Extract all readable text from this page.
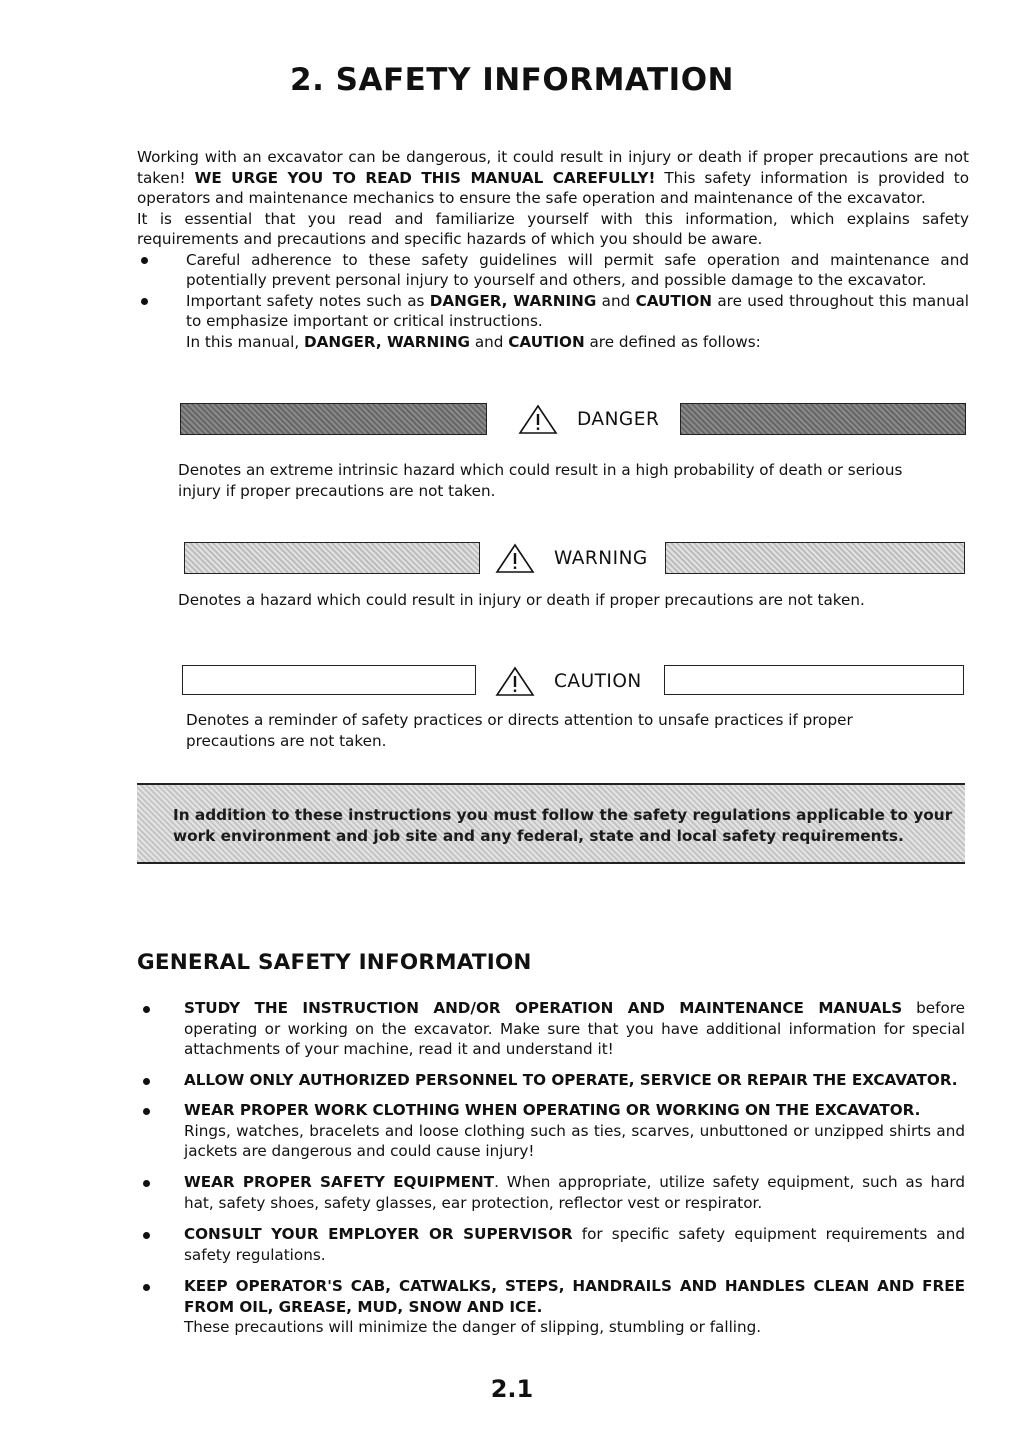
2. SAFETY INFORMATION
Working with an excavator can be dangerous, it could result in injury or death if proper precautions are not taken! WE URGE YOU TO READ THIS MANUAL CAREFULLY! This safety information is provided to operators and maintenance mechanics to ensure the safe operation and maintenance of the excavator.
It is essential that you read and familiarize yourself with this information, which explains safety requirements and precautions and specific hazards of which you should be aware.
Careful adherence to these safety guidelines will permit safe operation and maintenance and potentially prevent personal injury to yourself and others, and possible damage to the excavator.
Important safety notes such as DANGER, WARNING and CAUTION are used throughout this manual to emphasize important or critical instructions.
In this manual, DANGER, WARNING and CAUTION are defined as follows:
DANGER
Denotes an extreme intrinsic hazard which could result in a high probability of death or serious injury if proper precautions are not taken.
WARNING
Denotes a hazard which could result in injury or death if proper precautions are not taken.
CAUTION
Denotes a reminder of safety practices or directs attention to unsafe practices if proper precautions are not taken.
In addition to these instructions you must follow the safety regulations applicable to your work environment and job site and any federal, state and local safety requirements.
GENERAL SAFETY INFORMATION
STUDY THE INSTRUCTION AND/OR OPERATION AND MAINTENANCE MANUALS before operating or working on the excavator. Make sure that you have additional information for special attachments of your machine, read it and understand it!
ALLOW ONLY AUTHORIZED PERSONNEL TO OPERATE, SERVICE OR REPAIR THE EXCAVATOR.
WEAR PROPER WORK CLOTHING WHEN OPERATING OR WORKING ON THE EXCAVATOR.
Rings, watches, bracelets and loose clothing such as ties, scarves, unbuttoned or unzipped shirts and jackets are dangerous and could cause injury!
WEAR PROPER SAFETY EQUIPMENT. When appropriate, utilize safety equipment, such as hard hat, safety shoes, safety glasses, ear protection, reflector vest or respirator.
CONSULT YOUR EMPLOYER OR SUPERVISOR for specific safety equipment requirements and safety regulations.
KEEP OPERATOR'S CAB, CATWALKS, STEPS, HANDRAILS AND HANDLES CLEAN AND FREE FROM OIL, GREASE, MUD, SNOW AND ICE.
These precautions will minimize the danger of slipping, stumbling or falling.
2.1
